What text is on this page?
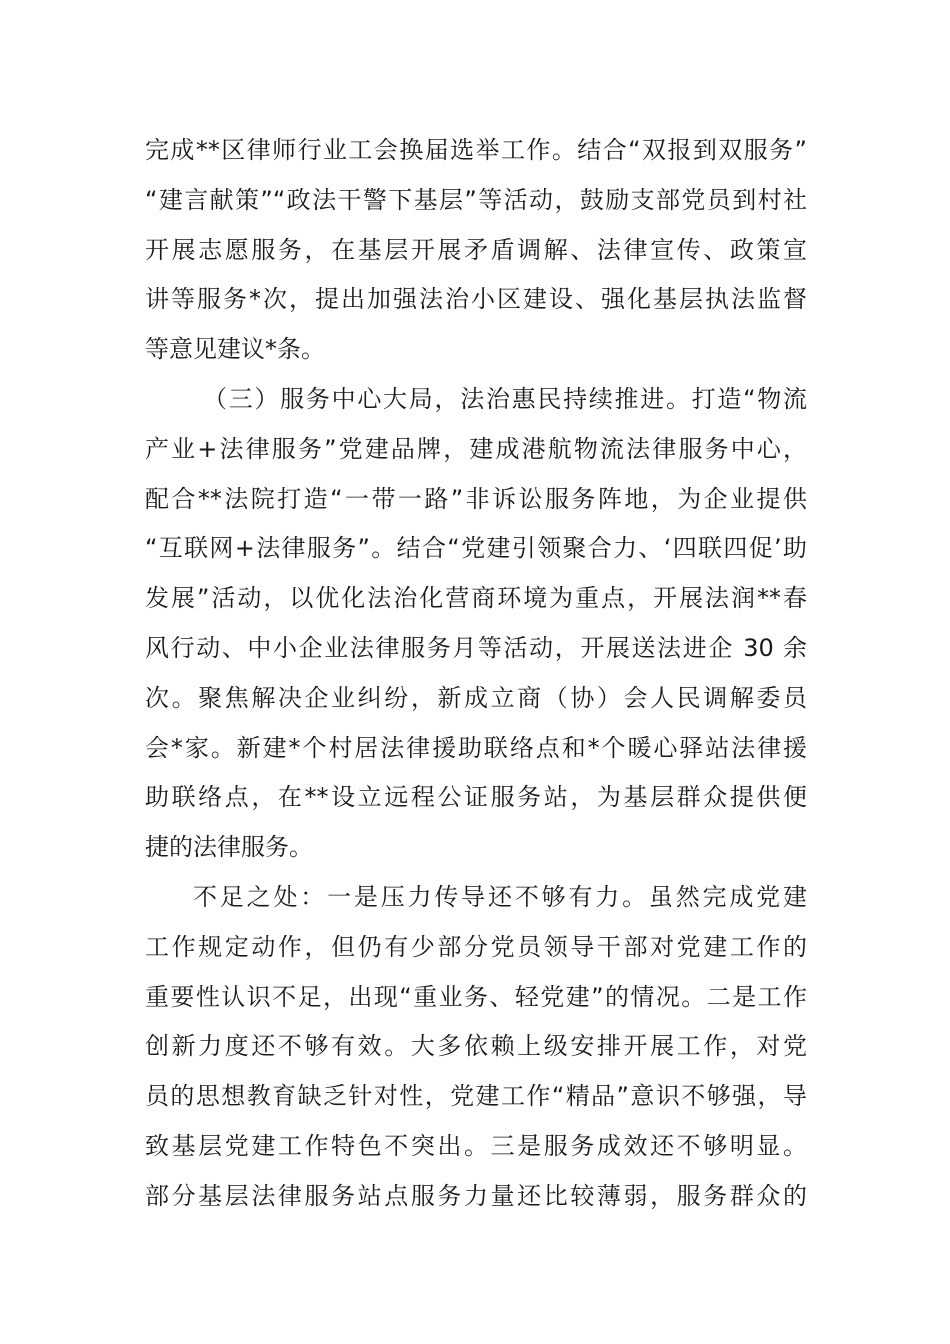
完成**区律师行业工会换届选举工作。结合“双报到双服务”
“建言献策”“政法干警下基层”等活动，鼓励支部党员到村社
开展志愿服务，在基层开展矛盾调解、法律宣传、政策宣
讲等服务*次，提出加强法治小区建设、强化基层执法监督
等意见建议*条。
（三）服务中心大局，法治惠民持续推进。打造“物流
产业+法律服务”党建品牌，建成港航物流法律服务中心，
配合**法院打造“一带一路”非诉讼服务阵地，为企业提供
“互联网+法律服务”。结合“党建引领聚合力、‘四联四促’助
发展”活动，以优化法治化营商环境为重点，开展法润**春
风行动、中小企业法律服务月等活动，开展送法进企 30 余
次。聚焦解决企业纠纷，新成立商（协）会人民调解委员
会*家。新建*个村居法律援助联络点和*个暖心驿站法律援
助联络点，在**设立远程公证服务站，为基层群众提供便
捷的法律服务。
不足之处：一是压力传导还不够有力。虽然完成党建
工作规定动作，但仍有少部分党员领导干部对党建工作的
重要性认识不足，出现“重业务、轻党建”的情况。二是工作
创新力度还不够有效。大多依赖上级安排开展工作，对党
员的思想教育缺乏针对性，党建工作“精品”意识不够强，导
致基层党建工作特色不突出。三是服务成效还不够明显。
部分基层法律服务站点服务力量还比较薄弱，服务群众的
